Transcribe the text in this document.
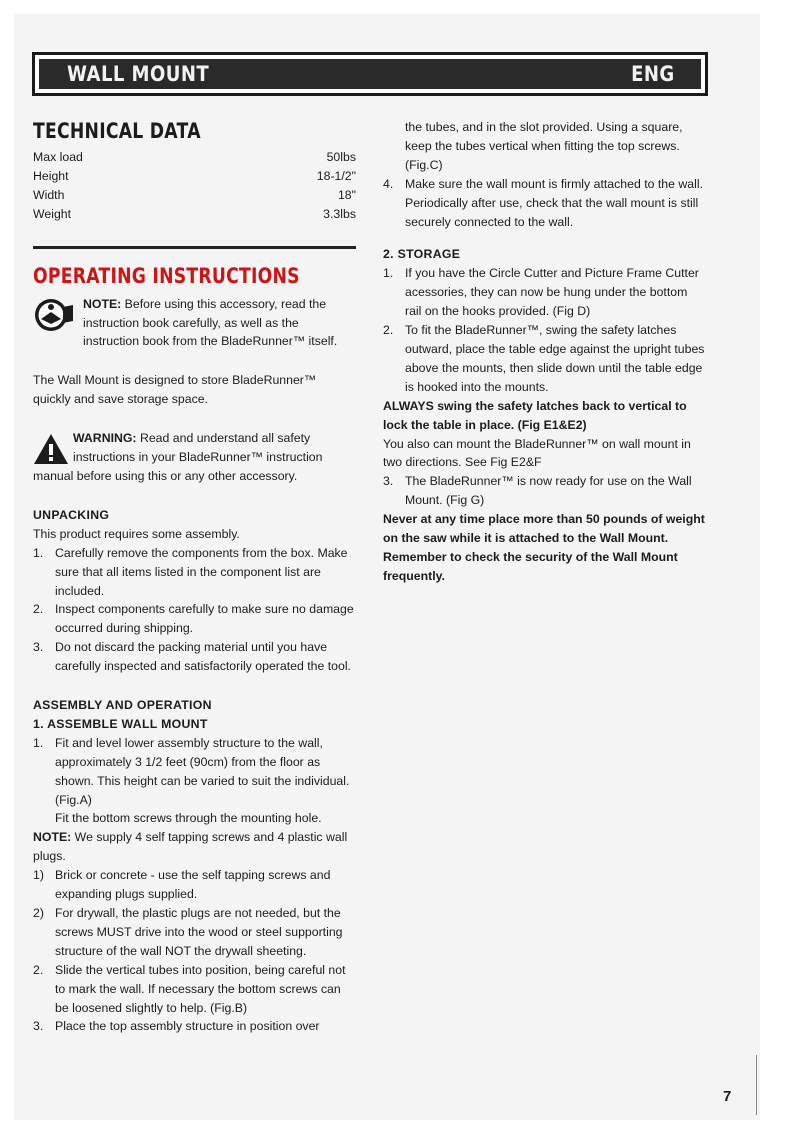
WALL MOUNT	ENG
TECHNICAL DATA
Max load	50lbs
Height	18-1/2"
Width	18"
Weight	3.3lbs
OPERATING INSTRUCTIONS

NOTE: Before using this accessory, read the instruction book carefully, as well as the instruction book from the BladeRunner™ itself.

The Wall Mount is designed to store BladeRunner™ quickly and save storage space.

WARNING: Read and understand all safety instructions in your BladeRunner™ instruction manual before using this or any other accessory.

UNPACKING

This product requires some assembly.

1. Carefully remove the components from the box. Make sure that all items listed in the component list are included.
2. Inspect components carefully to make sure no damage occurred during shipping.
3. Do not discard the packing material until you have carefully inspected and satisfactorily operated the tool.
ASSEMBLY AND OPERATION
1. ASSEMBLE WALL MOUNT
1. Fit and level lower assembly structure to the wall, approximately 3 1/2 feet (90cm) from the floor as shown. This height can be varied to suit the individual. (Fig.A)

Fit the bottom screws through the mounting hole.

NOTE: We supply 4 self tapping screws and 4 plastic wall plugs.

1) Brick or concrete - use the self tapping screws and expanding plugs supplied.
2) For drywall, the plastic plugs are not needed, but the screws MUST drive into the wood or steel supporting structure of the wall NOT the drywall sheeting.
2. Slide the vertical tubes into position, being careful not to mark the wall. If necessary the bottom screws can be loosened slightly to help. (Fig.B)
3. Place the top assembly structure in position over

the tubes, and in the slot provided. Using a square, keep the tubes vertical when fitting the top screws. (Fig.C)

4. Make sure the wall mount is firmly attached to the wall. Periodically after use, check that the wall mount is still securely connected to the wall.
2. STORAGE
1. If you have the Circle Cutter and Picture Frame Cutter acessories, they can now be hung under the bottom rail on the hooks provided. (Fig D)
2. To fit the BladeRunner™, swing the safety latches outward, place the table edge against the upright tubes above the mounts, then slide down until the table edge is hooked into the mounts.

ALWAYS swing the safety latches back to vertical to lock the table in place. (Fig E1&E2)

You also can mount the BladeRunner™ on wall mount in two directions. See Fig E2&F

3. The BladeRunner™ is now ready for use on the Wall Mount. (Fig G)

Never at any time place more than 50 pounds of weight on the saw while it is attached to the Wall Mount. Remember to check the security of the Wall Mount frequently.

7
